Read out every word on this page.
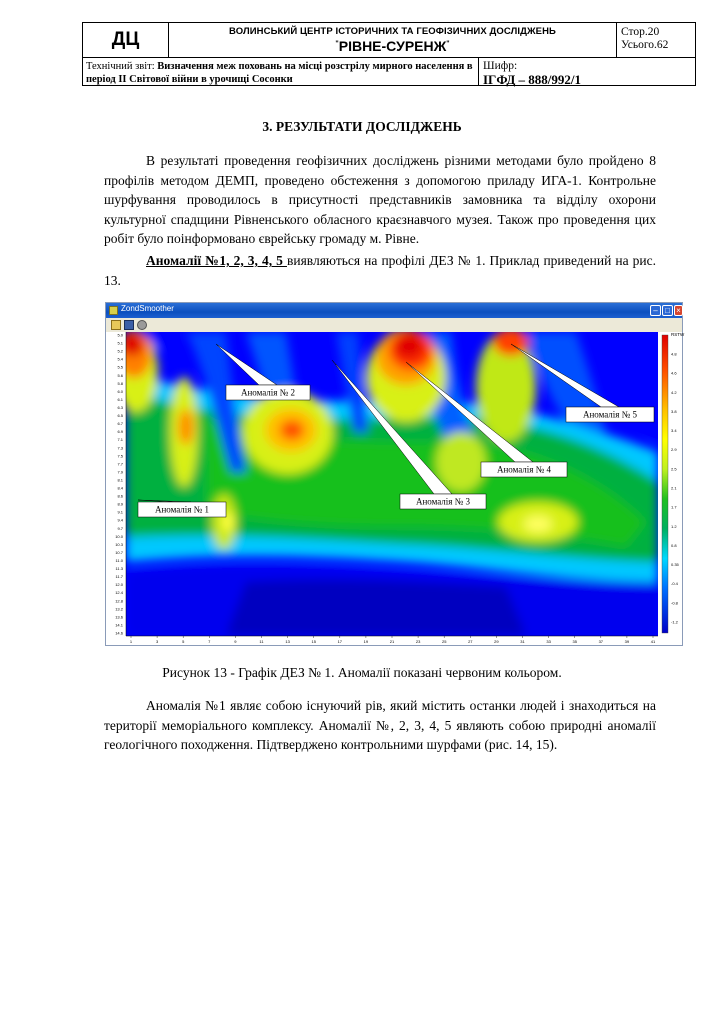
ДЦ	ВОЛИНСЬКИЙ ЦЕНТР ІСТОРИЧНИХ ТА ГЕОФІЗИЧНИХ ДОСЛІДЖЕНЬ
"РІВНЕ-СУРЕНЖ"
Стор.20
Усього.62
Технічний звіт: Визначення меж поховань на місці розстрілу мирного населення в період ІІ Світової війни в урочищі Сосонки
Шифр:
ІГФД – 888/992/1
3. РЕЗУЛЬТАТИ ДОСЛІДЖЕНЬ
В результаті проведення геофізичних досліджень різними методами було пройдено 8 профілів методом ДЕМП, проведено обстеження з допомогою приладу ИГА-1. Контрольне шурфування проводилось в присутності представників замовника та відділу охорони культурної спадщини Рівненського обласного краєзнавчого музея. Також про проведення цих робіт було поінформовано єврейську громаду м. Рівне.
Аномалії №1, 2, 3, 4, 5 виявляються на профілі ДЕЗ № 1. Приклад приведений на рис. 13.
ZondSmoother	– □ ×
5.0
5.1
5.2
5.4
5.5
5.6
5.8
6.0
6.1
6.3
6.5
6.7
6.9
7.1
7.3
7.5
7.7
7.9
8.1
8.4
8.6
8.9
9.1
9.4
9.7
10.0
10.3
10.7
11.0
11.3
11.7
12.0
12.4
12.8
13.2
13.6
14.1
14.6
1	3	5	7	9	11	13	15	17	19	21	23	25	27	29	31	33	35	37	39	41
RSTW
4.8
4.6
4.2
3.8
3.4
2.9
2.5
2.1
1.7
1.2
0.8
0.35
-0.4
-0.8
-1.2
Аномалія № 1
Аномалія № 2
Аномалія № 3
Аномалія № 4
Аномалія № 5
Рисунок 13 - Графік ДЕЗ № 1. Аномалії показані червоним кольором.
Аномалія №1 являє собою існуючий рів, який містить останки людей і знаходиться на території меморіального комплексу. Аномалії №, 2, 3, 4, 5 являють собою природні аномалії геологічного походження. Підтверджено контрольними шурфами (рис. 14, 15).
